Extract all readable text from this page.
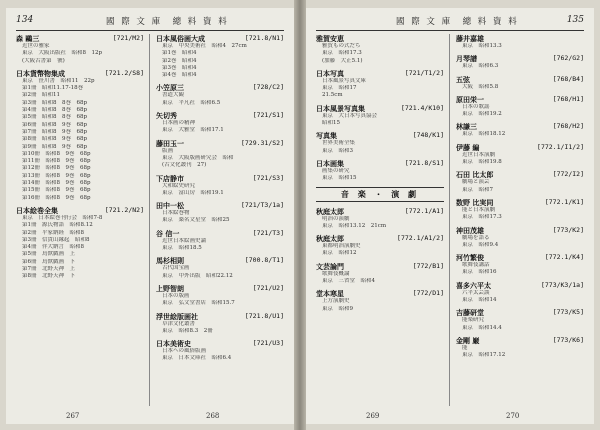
134	國 際 文 庫　總 料 資 料
森 鷗三	[721/M2]
近世の雅家
東京　大阪出版社　昭和8　12p
(大阪古書第　號)
日本貨幣物集成	[721.2/S8]
東京　笹川書　昭和11　22p
第1冊　昭和11.17-18巻
第2冊　昭和11
第3冊　昭和8　8巻　68p
第4冊　昭和8　8巻　68p
第5冊　昭和8　8巻　68p
第6冊　昭和8　9巻　68p
第7冊　昭和8　9巻　68p
第8冊　昭和8　9巻　68p
第9冊　昭和8　9巻　68p
第10冊　昭和8　9巻　68p
第11冊　昭和8　9巻　68p
第12冊　昭和8　9巻　68p
第13冊　昭和8　9巻　68p
第14冊　昭和8　9巻　68p
第15冊　昭和8　9巻　68p
第16冊　昭和8　9巻　68p
日本絵巻全集	[721.2/N2]
東京　日本絵巻刊行会　昭和7-8
第1冊　源氏物語　昭和8.12
第2冊　平家納経　昭和8
第3冊　信貴山縁起　昭和8
第4冊　伴大納言　昭和8
第5冊　鳥獣戯画　上
第6冊　鳥獣戯画　下
第7冊　北野天神　上
第8冊　北野天神　下
日本風俗画大成	[721.8/N1]
東京　中央美術社　昭和4　27cm
第1巻　昭和4
第2巻　昭和4
第3巻　昭和4
第4巻　昭和4
小笠原三	[728/C2]
書道大観
東京　平凡社　昭和6.5
矢切秀	[721/S1]
日本画の精神
東京　大雅堂　昭和17.1
藤田玉一	[729.31/S2]
版画
東京　大阪版画研究会　昭和
(古文化叢刊　27)
下店静市	[721/S3]
大和絵史研究
東京　富山房　昭和19.1
田中一松	[721/T3/1a]
日本絵巻物
東京　桑名文星堂　昭和25
谷 信一	[721/T3]
近世日本絵画史論
東京　昭和18.5
馬杉相則	[700.8/T1]
古代国宝画
東京　中外出版　昭和22.12
上野智朗	[721/U2]
日本の版画
東京　弘文堂書店　昭和15.7
浮世絵版画社	[721.8/U1]
草津文化叢書
東京　昭和8.3　2冊
日本美術史	[721/U3]
日本への風俗版画
東京　日本文庫社　昭和6.4
267	268
國 際 文 庫　總 料 資 料	135
雅賀安恵
雅賀もの式だち
東京　昭和17.3
(加藤　大正5.1)
日本写真	[721/T1/2]
日本風景写真文庫
東京　昭和17
21.5cm
日本風景写真集	[721.4/K10]
東京　大日本写真協会
昭和15
写真集	[748/K1]
世界美術全集
東京　昭和3
日本画集	[721.8/S1]
画集の研究
東京　昭和15
音 楽 ・ 演 劇
秋庭太郎	[772.1/A1]
明治の演劇
東京　昭和13.12　21cm
秋庭太郎	[772.1/A1/2]
東都明治演劇史
東京　昭和12
文芸論門	[772/B1]
歌舞伎概論
東京　三省堂　昭和4
堂本寒星	[772/D1]
上方演劇史
東京　昭和9
藤井嘉雄
東京　昭和13.3
月琴譜	[762/G2]
東京　昭和6.3
五弦	[768/B4]
大阪　昭和5.8
原田栄一	[768/H1]
日本の歌謡
東京　昭和19.2
林謙三	[768/H2]
東京　昭和18.12
伊藤 編	[772.1/I1/2]
近世日本演劇
東京　昭和19.8
石田 比太郎	[772/I2]
劇場と演芸
東京　昭和7
数野 比実同	[772.1/K1]
能と日本演劇
東京　昭和17.3
神田茂雄	[773/K2]
劇場を語る
東京　昭和9.4
河竹繁俊	[772.1/K4]
歌舞伎講話
東京　昭和16
喜多六平太	[773/K3/1a]
六平太芸談
東京　昭和14
吉藤研堂	[773/K5]
能楽研究
東京　昭和14.4
金剛 巌	[773/K6]
能
東京　昭和17.12
269	270
